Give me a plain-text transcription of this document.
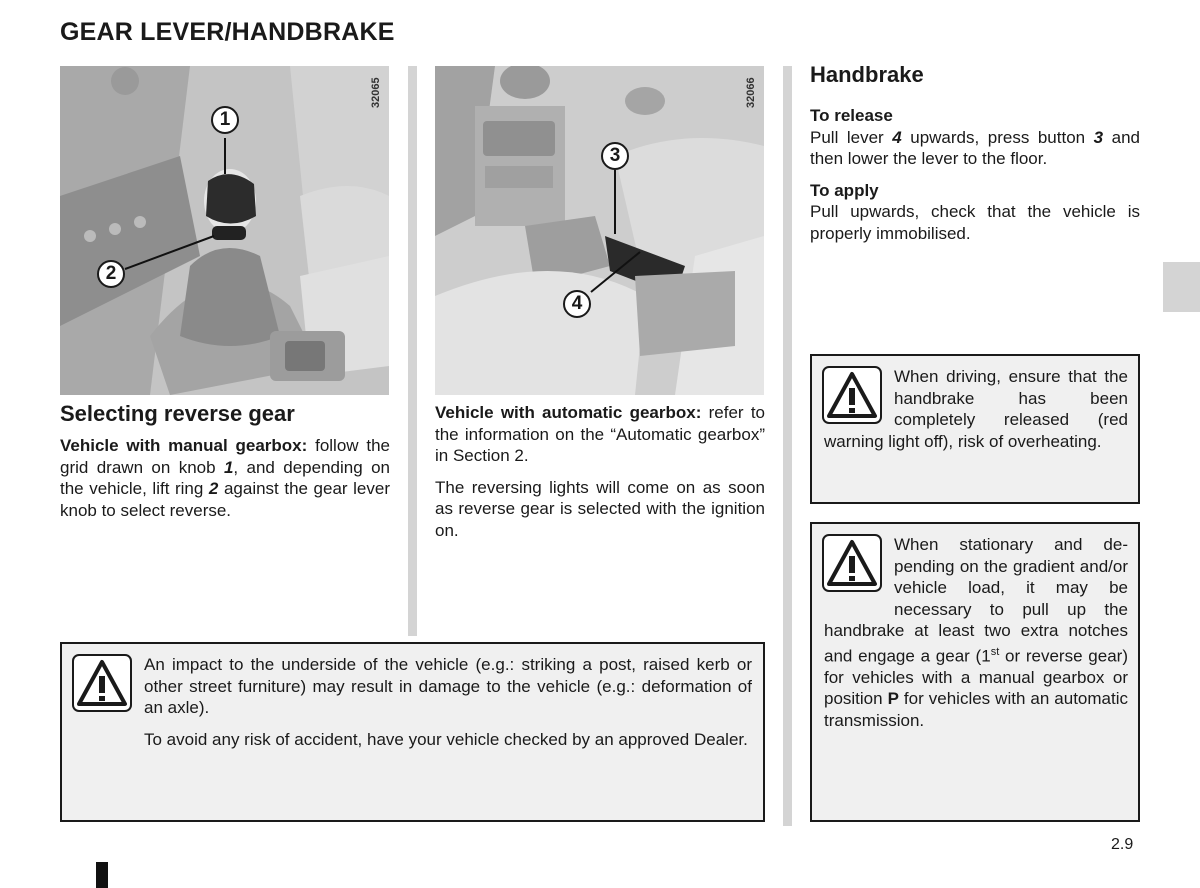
GEAR LEVER/HANDBRAKE
1
2
32065
3
4
32066
Selecting reverse gear
Vehicle with manual gearbox: follow the grid drawn on knob 1, and depending on the vehicle, lift ring 2 against the gear lever knob to select reverse.

Vehicle with automatic gearbox: refer to the information on the “Automatic gearbox” in Section 2.

The reversing lights will come on as soon as reverse gear is selected with the ignition on.

Handbrake
To release

Pull lever 4 upwards, press button 3 and then lower the lever to the floor.

To apply

Pull upwards, check that the vehicle is properly immobilised.

When driving, ensure that the handbrake has been completely released (red warning light off), risk of overheating.
When stationary and depending on the gradient and/or vehicle load, it may be necessary to pull up the handbrake at least two extra notches and engage a gear (1st or reverse gear) for vehicles with a manual gearbox or position P for vehicles with an automatic transmission.

An impact to the underside of the vehicle (e.g.: striking a post, raised kerb or other street furniture) may result in damage to the vehicle (e.g.: deformation of an axle).

To avoid any risk of accident, have your vehicle checked by an approved Dealer.

2.9
